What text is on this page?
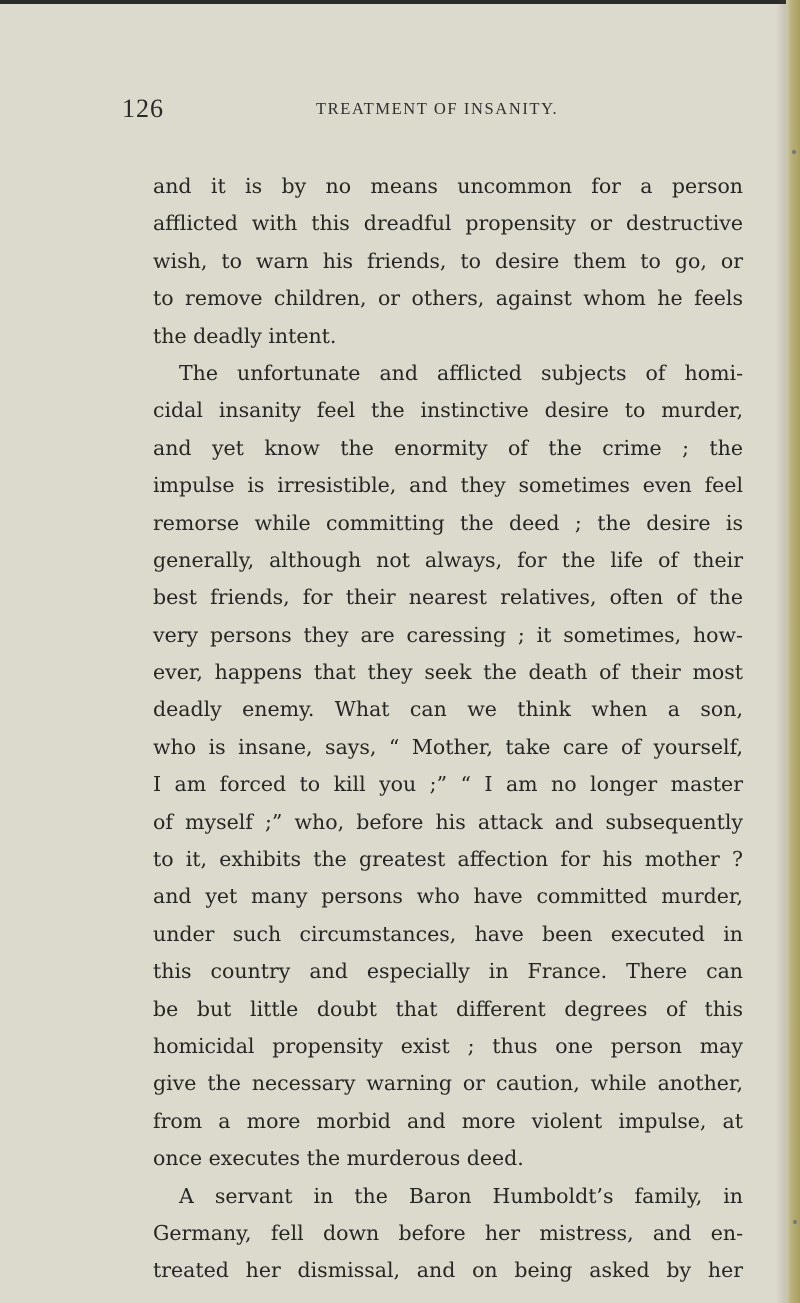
126	TREATMENT OF INSANITY.
and it is by no means uncommon for a person
afflicted with this dreadful propensity or destructive
wish, to warn his friends, to desire them to go, or
to remove children, or others, against whom he feels
the deadly intent.
The unfortunate and afflicted subjects of homi-
cidal insanity feel the instinctive desire to murder,
and yet know the enormity of the crime ; the
impulse is irresistible, and they sometimes even feel
remorse while committing the deed ; the desire is
generally, although not always, for the life of their
best friends, for their nearest relatives, often of the
very persons they are caressing ; it sometimes, how-
ever, happens that they seek the death of their most
deadly enemy. What can we think when a son,
who is insane, says, “ Mother, take care of yourself,
I am forced to kill you ;” “ I am no longer master
of myself ;” who, before his attack and subsequently
to it, exhibits the greatest affection for his mother ?
and yet many persons who have committed murder,
under such circumstances, have been executed in
this country and especially in France. There can
be but little doubt that different degrees of this
homicidal propensity exist ; thus one person may
give the necessary warning or caution, while another,
from a more morbid and more violent impulse, at
once executes the murderous deed.
A servant in the Baron Humboldt’s family, in
Germany, fell down before her mistress, and en-
treated her dismissal, and on being asked by her
